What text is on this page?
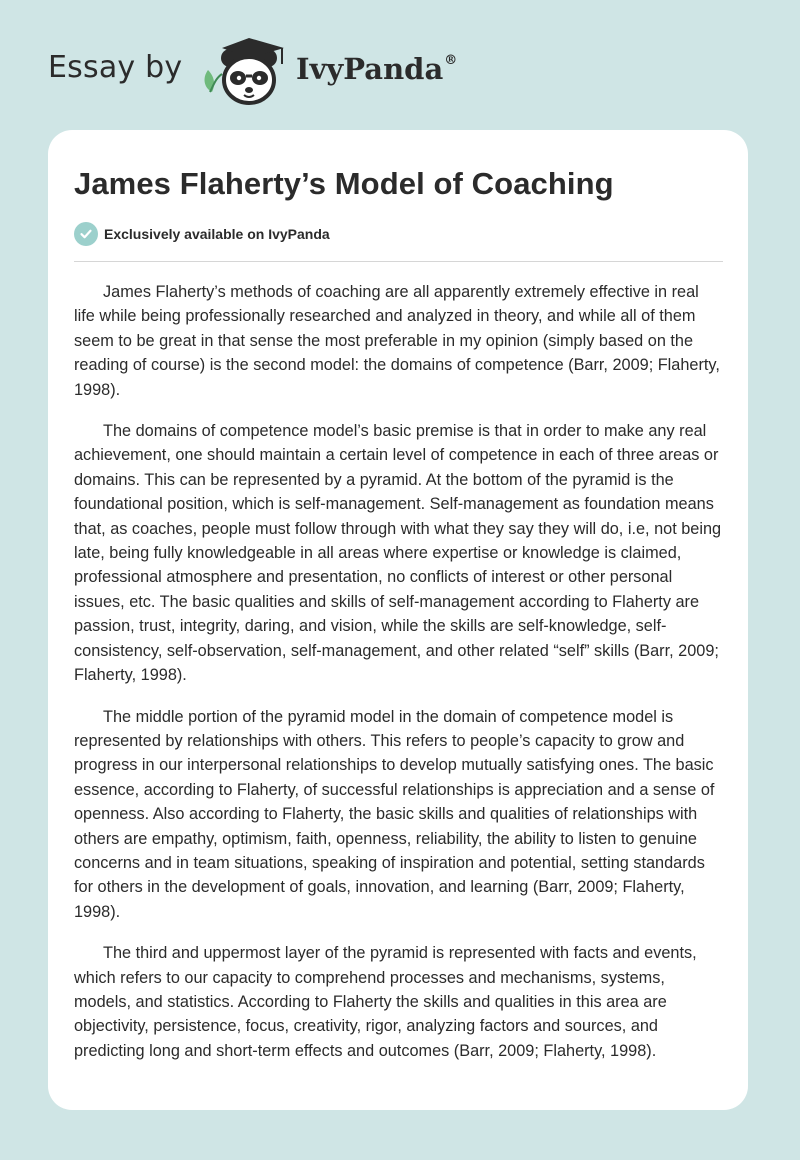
Essay by	IvyPanda®
James Flaherty’s Model of Coaching
Exclusively available on IvyPanda

James Flaherty’s methods of coaching are all apparently extremely effective in real life while being professionally researched and analyzed in theory, and while all of them seem to be great in that sense the most preferable in my opinion (simply based on the reading of course) is the second model: the domains of competence (Barr, 2009; Flaherty, 1998).

The domains of competence model’s basic premise is that in order to make any real achievement, one should maintain a certain level of competence in each of three areas or domains. This can be represented by a pyramid. At the bottom of the pyramid is the foundational position, which is self-management. Self-management as foundation means that, as coaches, people must follow through with what they say they will do, i.e, not being late, being fully knowledgeable in all areas where expertise or knowledge is claimed, professional atmosphere and presentation, no conflicts of interest or other personal issues, etc. The basic qualities and skills of self-management according to Flaherty are passion, trust, integrity, daring, and vision, while the skills are self-knowledge, self-consistency, self-observation, self-management, and other related “self” skills (Barr, 2009; Flaherty, 1998).

The middle portion of the pyramid model in the domain of competence model is represented by relationships with others. This refers to people’s capacity to grow and progress in our interpersonal relationships to develop mutually satisfying ones. The basic essence, according to Flaherty, of successful relationships is appreciation and a sense of openness. Also according to Flaherty, the basic skills and qualities of relationships with others are empathy, optimism, faith, openness, reliability, the ability to listen to genuine concerns and in team situations, speaking of inspiration and potential, setting standards for others in the development of goals, innovation, and learning (Barr, 2009; Flaherty, 1998).

The third and uppermost layer of the pyramid is represented with facts and events, which refers to our capacity to comprehend processes and mechanisms, systems, models, and statistics. According to Flaherty the skills and qualities in this area are objectivity, persistence, focus, creativity, rigor, analyzing factors and sources, and predicting long and short-term effects and outcomes (Barr, 2009; Flaherty, 1998).
